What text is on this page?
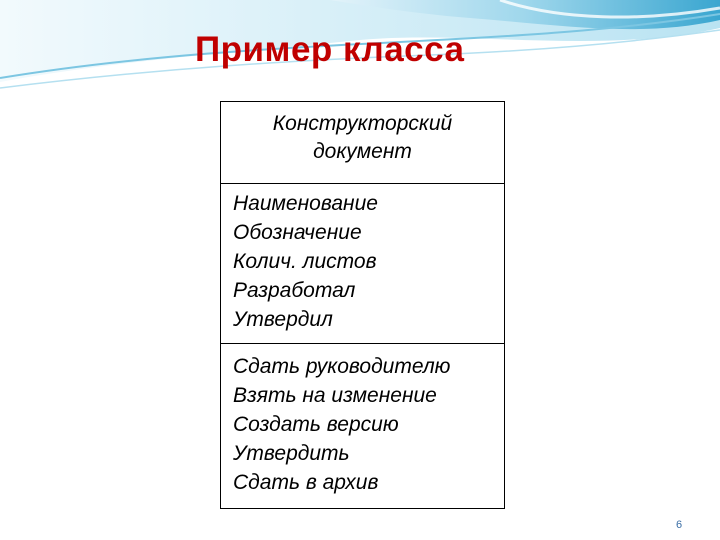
Пример класса
Конструкторский
документ
Наименование
Обозначение
Колич. листов
Разработал
Утвердил
Сдать руководителю
Взять на изменение
Создать версию
Утвердить
Сдать в архив
6
